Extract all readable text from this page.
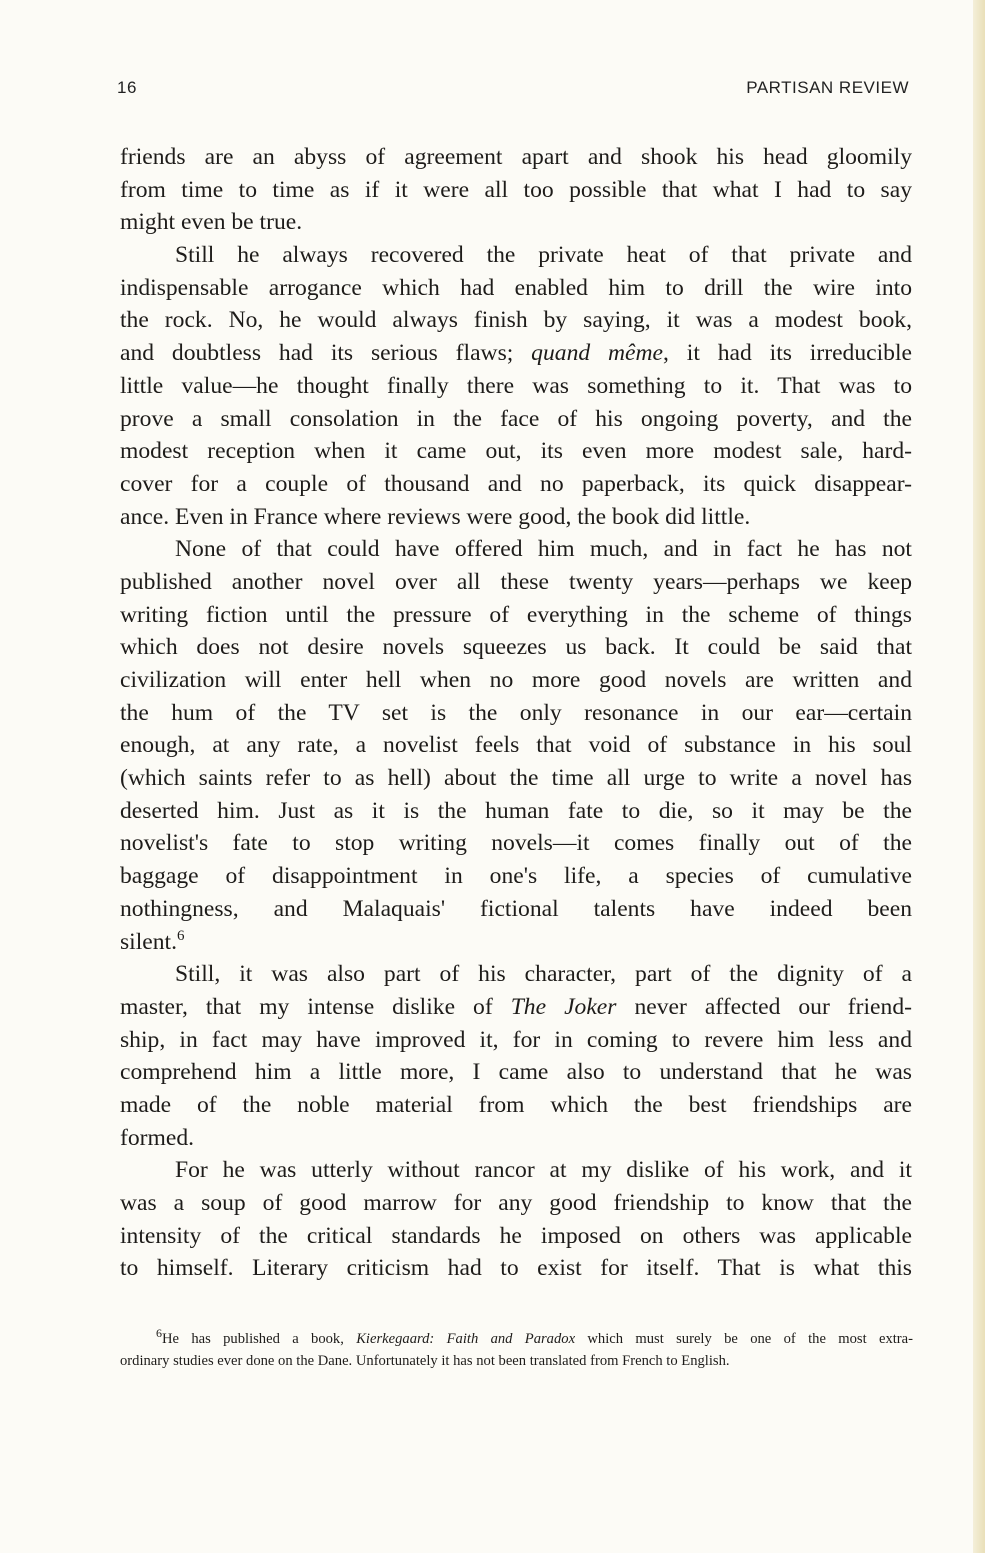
16	PARTISAN REVIEW
friends are an abyss of agreement apart and shook his head gloomily
from time to time as if it were all too possible that what I had to say
might even be true.
Still he always recovered the private heat of that private and
indispensable arrogance which had enabled him to drill the wire into
the rock. No, he would always finish by saying, it was a modest book,
and doubtless had its serious flaws; quand même, it had its irreducible
little value—he thought finally there was something to it. That was to
prove a small consolation in the face of his ongoing poverty, and the
modest reception when it came out, its even more modest sale, hard-
cover for a couple of thousand and no paperback, its quick disappear-
ance. Even in France where reviews were good, the book did little.
None of that could have offered him much, and in fact he has not
published another novel over all these twenty years—perhaps we keep
writing fiction until the pressure of everything in the scheme of things
which does not desire novels squeezes us back. It could be said that
civilization will enter hell when no more good novels are written and
the hum of the TV set is the only resonance in our ear—certain
enough, at any rate, a novelist feels that void of substance in his soul
(which saints refer to as hell) about the time all urge to write a novel has
deserted him. Just as it is the human fate to die, so it may be the
novelist's fate to stop writing novels—it comes finally out of the
baggage of disappointment in one's life, a species of cumulative
nothingness, and Malaquais' fictional talents have indeed been
silent.$^6$
Still, it was also part of his character, part of the dignity of a
master, that my intense dislike of The Joker never affected our friend-
ship, in fact may have improved it, for in coming to revere him less and
comprehend him a little more, I came also to understand that he was
made of the noble material from which the best friendships are
formed.
For he was utterly without rancor at my dislike of his work, and it
was a soup of good marrow for any good friendship to know that the
intensity of the critical standards he imposed on others was applicable
to himself. Literary criticism had to exist for itself. That is what this
$^6$He has published a book, Kierkegaard: Faith and Paradox which must surely be one of the most extra-
ordinary studies ever done on the Dane. Unfortunately it has not been translated from French to English.
